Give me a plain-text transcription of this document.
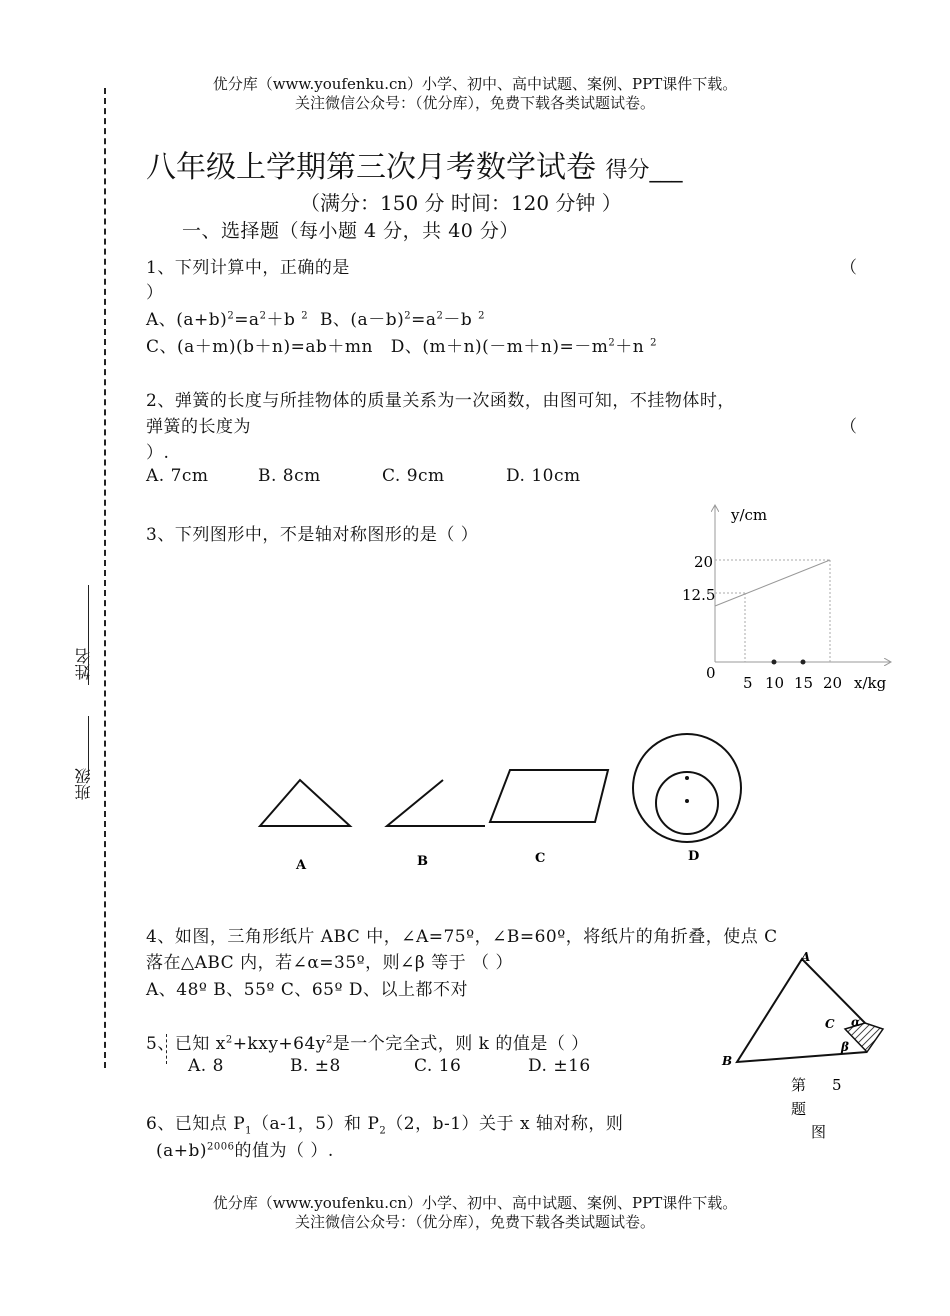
优分库（www.youfenku.cn）小学、初中、高中试题、案例、PPT课件下载。
关注微信公众号：（优分库），免费下载各类试题试卷。
姓名
班级
八年级上学期第三次月考数学试卷 得分___
（满分：150 分 时间：120 分钟 ）
一、选择题（每小题 4 分，共 40 分）
1、下列计算中，正确的是	（
）
A、$(a+b)^2=a^2+b$ $^2$ B、$(a-b)^2=a^2-b$ $^2$
C、(a＋m)(b＋n)=ab＋mn D、$(m+n)(-m+n)=-m^2+n$ $^2$
2、弹簧的长度与所挂物体的质量关系为一次函数，由图可知，不挂物体时，
弹簧的长度为	（
）.
A. 7cm	B. 8cm	C. 9cm	D. 10cm
y/cm
x/kg
0
20
12.5
5 10 15 20
3、下列图形中，不是轴对称图形的是（ ）
A	B	C	D
4、如图，三角形纸片 ABC 中，∠A=75º，∠B=60º，将纸片的角折叠，使点 C
落在△ABC 内，若∠α=35º，则∠β 等于 （ ）
A、48º B、55º C、65º D、以上都不对
A
B
C α
β
第 5
题
图
5、已知 $x^2+kxy+64y^2$是一个完全式，则 k 的值是（ ）
A. 8	B. ±8	C. 16	D. ±16
6、已知点 $P_1(a-1$，5）和 $P_2(2$，b-1）关于 x 轴对称，则
$(a+b)^{2006}$的值为（ ）.
优分库（www.youfenku.cn）小学、初中、高中试题、案例、PPT课件下载。
关注微信公众号：（优分库），免费下载各类试题试卷。
